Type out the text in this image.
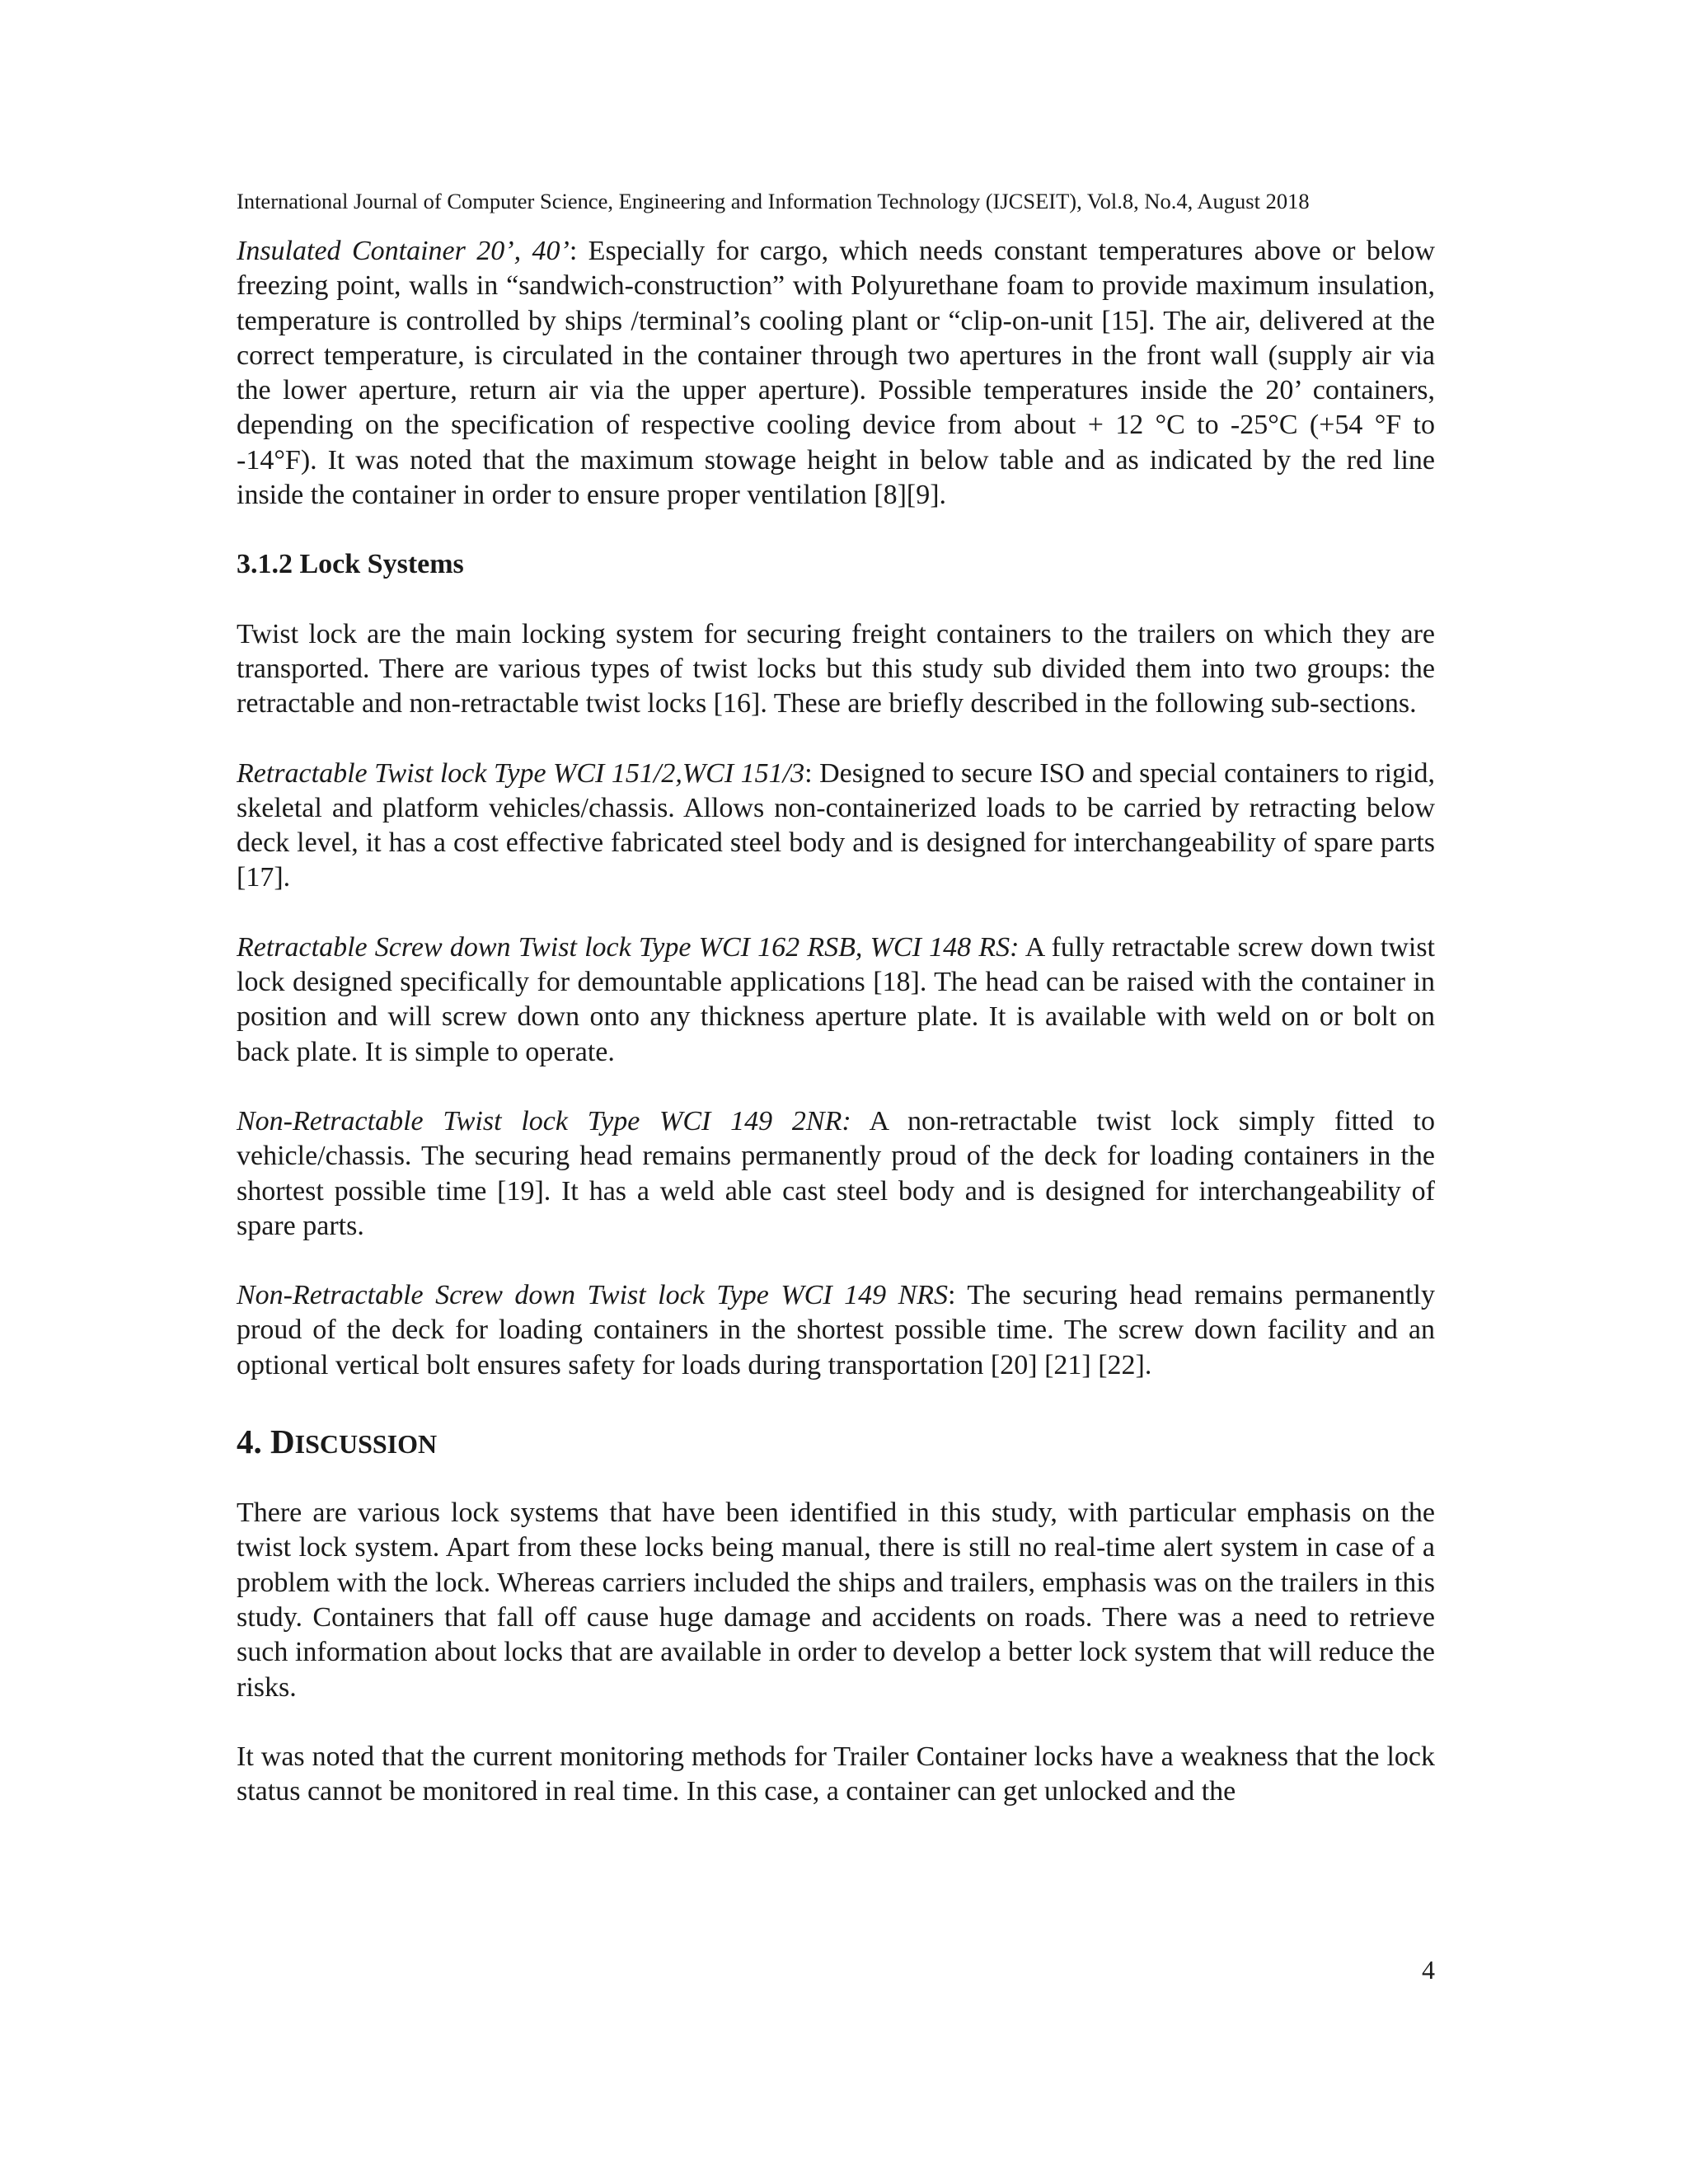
International Journal of Computer Science, Engineering and Information Technology (IJCSEIT), Vol.8, No.4, August 2018

Insulated Container 20’, 40’: Especially for cargo, which needs constant temperatures above or below freezing point, walls in “sandwich-construction” with Polyurethane foam to provide maximum insulation, temperature is controlled by ships /terminal’s cooling plant or “clip-on-unit [15]. The air, delivered at the correct temperature, is circulated in the container through two apertures in the front wall (supply air via the lower aperture, return air via the upper aperture). Possible temperatures inside the 20’ containers, depending on the specification of respective cooling device from about + 12 °C to -25°C (+54 °F to -14°F). It was noted that the maximum stowage height in below table and as indicated by the red line inside the container in order to ensure proper ventilation [8][9].

3.1.2 Lock Systems

Twist lock are the main locking system for securing freight containers to the trailers on which they are transported. There are various types of twist locks but this study sub divided them into two groups: the retractable and non-retractable twist locks [16]. These are briefly described in the following sub-sections.

Retractable Twist lock Type WCI 151/2,WCI 151/3: Designed to secure ISO and special containers to rigid, skeletal and platform vehicles/chassis. Allows non-containerized loads to be carried by retracting below deck level, it has a cost effective fabricated steel body and is designed for interchangeability of spare parts [17].

Retractable Screw down Twist lock Type WCI 162 RSB, WCI 148 RS: A fully retractable screw down twist lock designed specifically for demountable applications [18]. The head can be raised with the container in position and will screw down onto any thickness aperture plate. It is available with weld on or bolt on back plate. It is simple to operate.

Non-Retractable Twist lock Type WCI 149 2NR: A non-retractable twist lock simply fitted to vehicle/chassis. The securing head remains permanently proud of the deck for loading containers in the shortest possible time [19]. It has a weld able cast steel body and is designed for interchangeability of spare parts.

Non-Retractable Screw down Twist lock Type WCI 149 NRS: The securing head remains permanently proud of the deck for loading containers in the shortest possible time. The screw down facility and an optional vertical bolt ensures safety for loads during transportation [20] [21] [22].

4. DISCUSSION

There are various lock systems that have been identified in this study, with particular emphasis on the twist lock system. Apart from these locks being manual, there is still no real-time alert system in case of a problem with the lock. Whereas carriers included the ships and trailers, emphasis was on the trailers in this study. Containers that fall off cause huge damage and accidents on roads. There was a need to retrieve such information about locks that are available in order to develop a better lock system that will reduce the risks.

It was noted that the current monitoring methods for Trailer Container locks have a weakness that the lock status cannot be monitored in real time. In this case, a container can get unlocked and the

4
